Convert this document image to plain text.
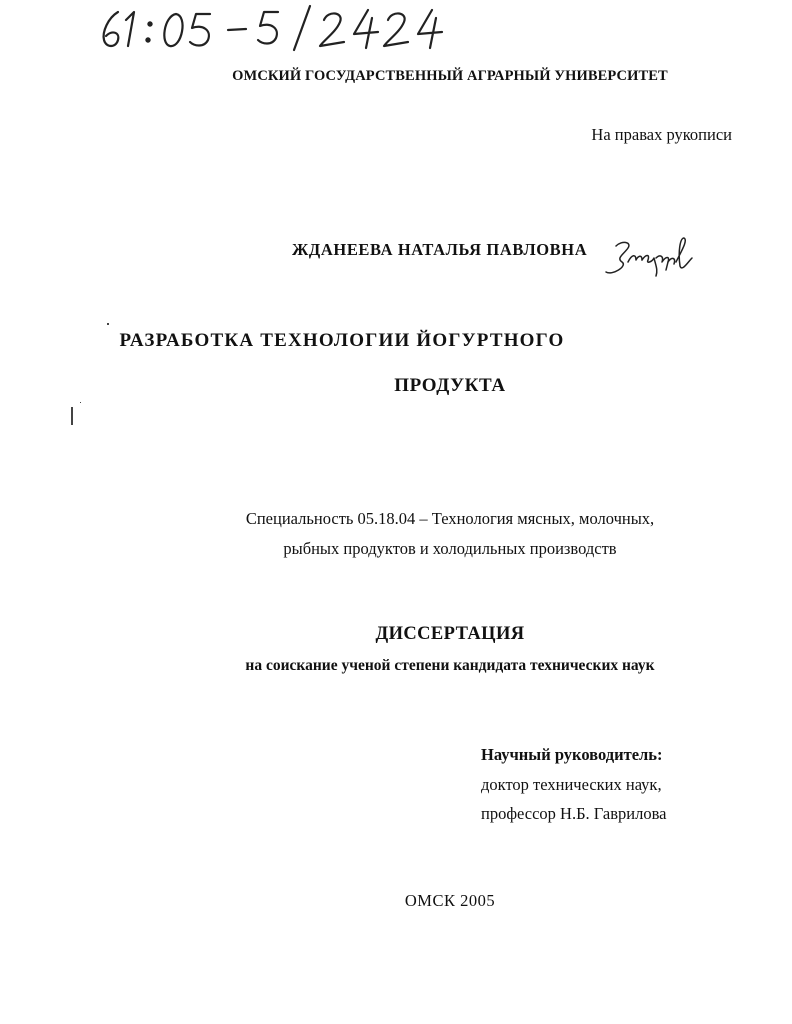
ОМСКИЙ ГОСУДАРСТВЕННЫЙ АГРАРНЫЙ УНИВЕРСИТЕТ
На правах рукописи
ЖДАНЕЕВА НАТАЛЬЯ ПАВЛОВНА
РАЗРАБОТКА ТЕХНОЛОГИИ ЙОГУРТНОГО
ПРОДУКТА
Специальность 05.18.04 – Технология мясных, молочных,
рыбных продуктов и холодильных производств
ДИССЕРТАЦИЯ
на соискание ученой степени кандидата технических наук
Научный руководитель:
доктор технических наук,
профессор Н.Б. Гаврилова
ОМСК 2005
